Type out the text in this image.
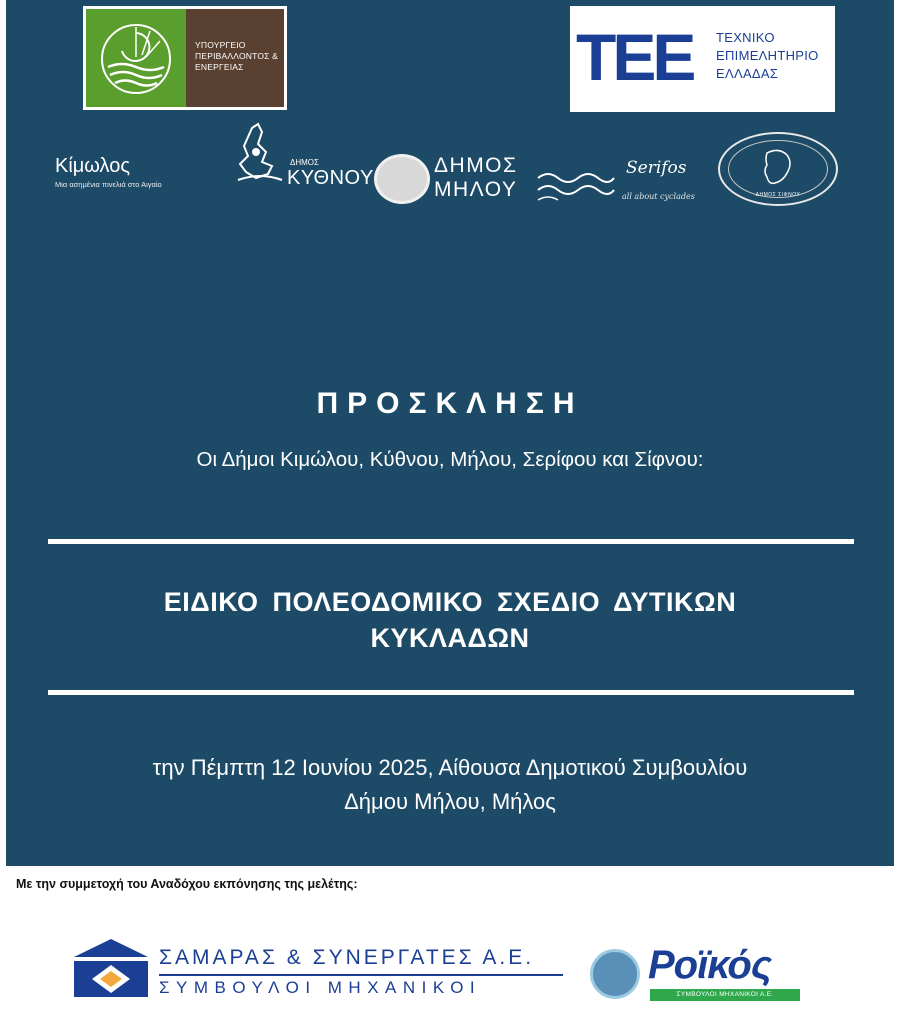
ΥΠΟΥΡΓΕΙΟ ΠΕΡΙΒΑΛΛΟΝΤΟΣ & ΕΝΕΡΓΕΙΑΣ	ΤΕΕ ΤΕΧΝΙΚΟ ΕΠΙΜΕΛΗΤΗΡΙΟ ΕΛΛΑΔΑΣ
Κίμωλος
Μια ασημένια πινελιά στο Αιγαίο
ΔΗΜΟΣ
ΚΥΘΝΟΥ
ΔΗΜΟΣ
ΜΗΛΟΥ
Serifos
all about cyclades	ΔΗΜΟΣ ΣΙΦΝΟΥ
ΠΡΟΣΚΛΗΣΗ
Οι Δήμοι Κιμώλου, Κύθνου, Μήλου, Σερίφου και Σίφνου:
ΕΙΔΙΚΟ ΠΟΛΕΟΔΟΜΙΚΟ ΣΧΕΔΙΟ ΔΥΤΙΚΩΝ
ΚΥΚΛΑΔΩΝ
την Πέμπτη 12 Ιουνίου 2025, Αίθουσα Δημοτικού Συμβουλίου
Δήμου Μήλου, Μήλος
Με την συμμετοχή του Αναδόχου εκπόνησης της μελέτης:
ΣΑΜΑΡΑΣ & ΣΥΝΕΡΓΑΤΕΣ Α.Ε.
ΣΥΜΒΟΥΛΟΙ ΜΗΧΑΝΙΚΟΙ
Ροϊκός
ΣΥΜΒΟΥΛΟΙ ΜΗΧΑΝΙΚΟΙ Α.Ε.
